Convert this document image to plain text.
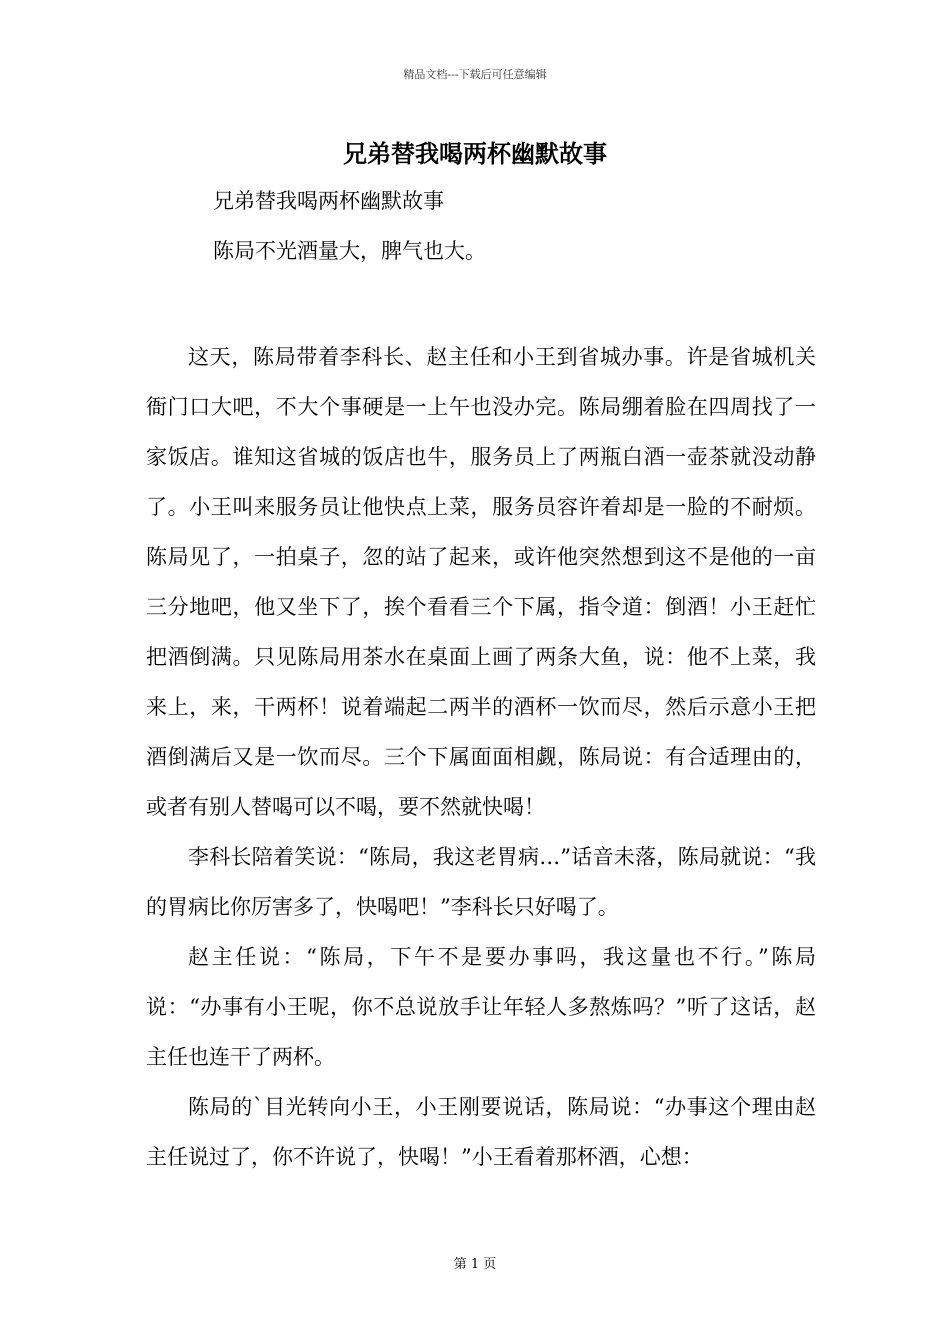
精品文档---下载后可任意编辑
兄弟替我喝两杯幽默故事
兄弟替我喝两杯幽默故事
陈局不光酒量大，脾气也大。

这天，陈局带着李科长、赵主任和小王到省城办事。许是省城机关衙门口大吧，不大个事硬是一上午也没办完。陈局绷着脸在四周找了一家饭店。谁知这省城的饭店也牛，服务员上了两瓶白酒一壶茶就没动静了。小王叫来服务员让他快点上菜，服务员容许着却是一脸的不耐烦。陈局见了，一拍桌子，忽的站了起来，或许他突然想到这不是他的一亩三分地吧，他又坐下了，挨个看看三个下属，指令道：倒酒！小王赶忙把酒倒满。只见陈局用茶水在桌面上画了两条大鱼，说：他不上菜，我来上，来，干两杯！说着端起二两半的酒杯一饮而尽，然后示意小王把酒倒满后又是一饮而尽。三个下属面面相觑，陈局说：有合适理由的，或者有别人替喝可以不喝，要不然就快喝！

李科长陪着笑说：“陈局，我这老胃病…”话音未落，陈局就说：“我的胃病比你厉害多了，快喝吧！”李科长只好喝了。

赵主任说：“陈局，下午不是要办事吗，我这量也不行。”陈局说：“办事有小王呢，你不总说放手让年轻人多熬炼吗？”听了这话，赵主任也连干了两杯。

陈局的`目光转向小王，小王刚要说话，陈局说：“办事这个理由赵主任说过了，你不许说了，快喝！”小王看着那杯酒，心想：

第 1 页
